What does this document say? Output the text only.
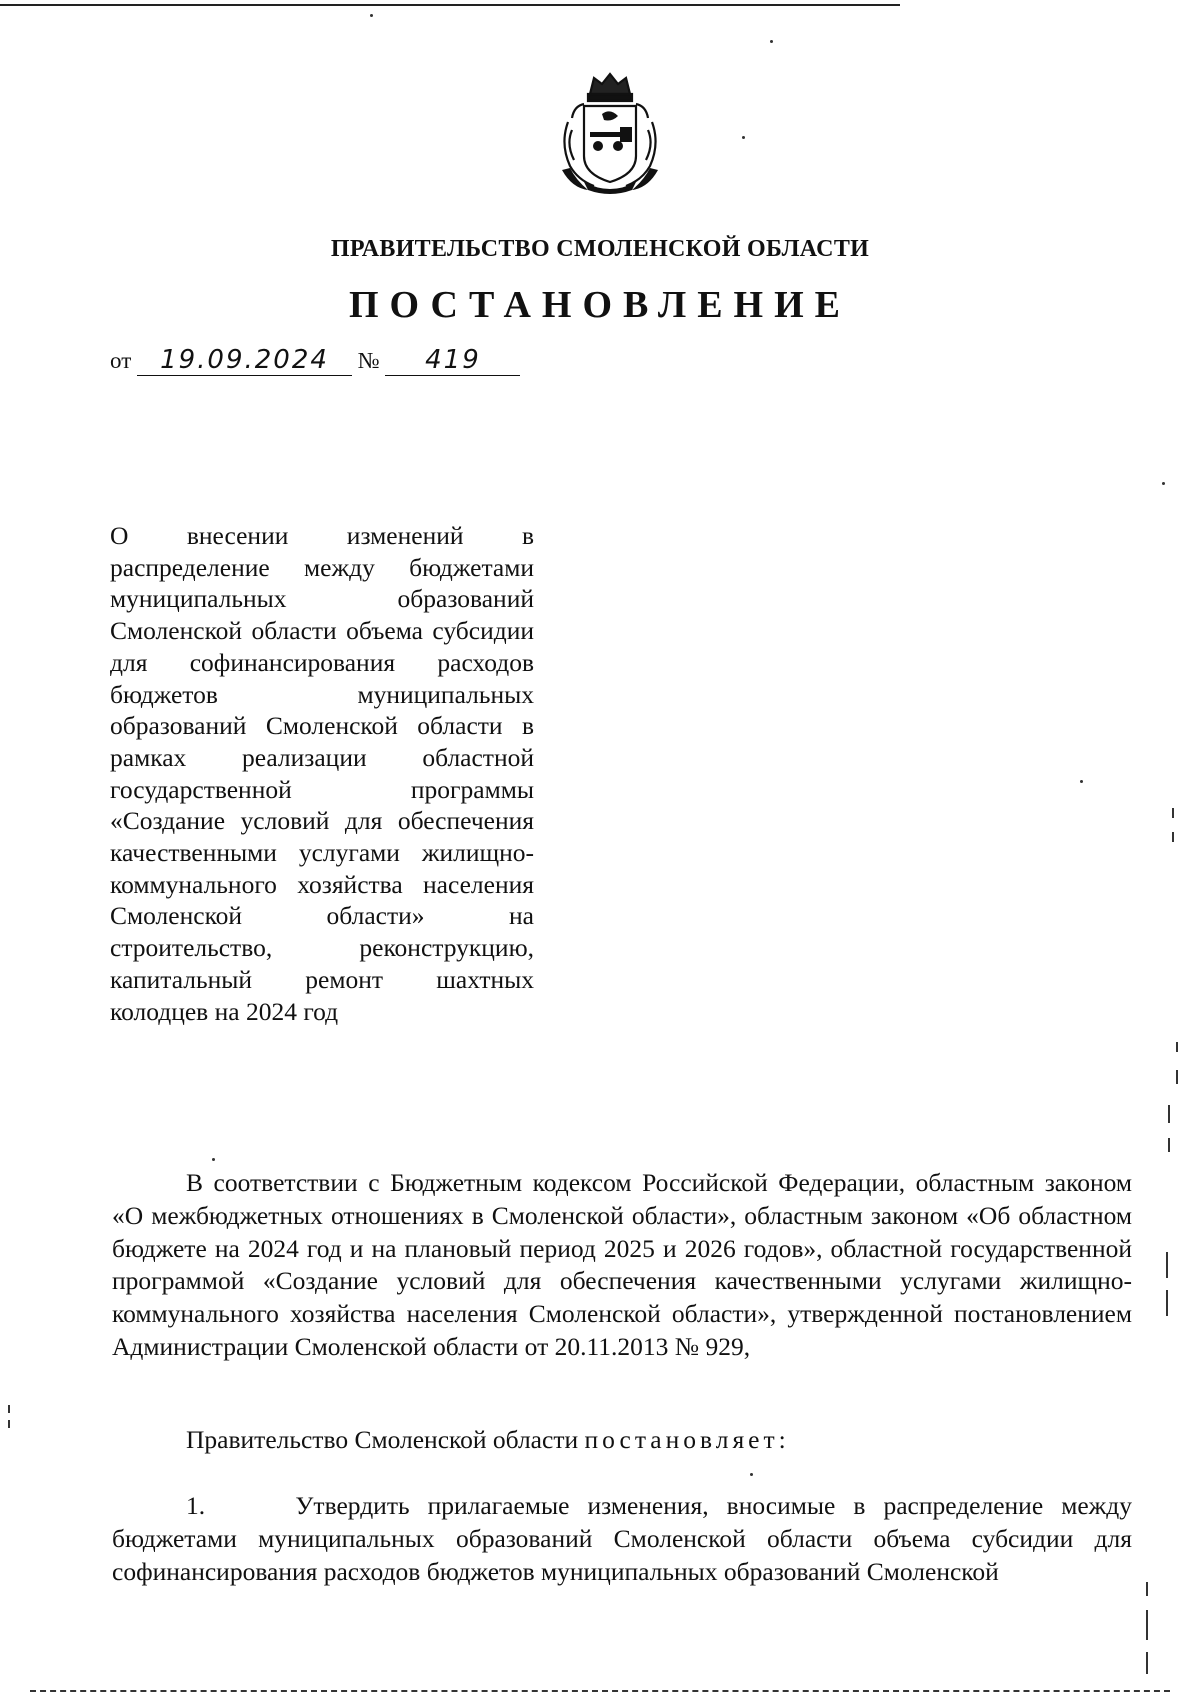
ПРАВИТЕЛЬСТВО СМОЛЕНСКОЙ ОБЛАСТИ
ПОСТАНОВЛЕНИЕ
от 19.09.2024 № 419
О внесении изменений в распределение между бюджетами муниципальных образований Смоленской области объема субсидии для софинансирования расходов бюджетов муниципальных образований Смоленской области в рамках реализации областной государственной программы «Создание условий для обеспечения качественными услугами жилищно-коммунального хозяйства населения Смоленской области» на строительство, реконструкцию, капитальный ремонт шахтных колодцев на 2024 год
В соответствии с Бюджетным кодексом Российской Федерации, областным законом «О межбюджетных отношениях в Смоленской области», областным законом «Об областном бюджете на 2024 год и на плановый период 2025 и 2026 годов», областной государственной программой «Создание условий для обеспечения качественными услугами жилищно-коммунального хозяйства населения Смоленской области», утвержденной постановлением Администрации Смоленской области от 20.11.2013 № 929,
Правительство Смоленской области постановляет:
1.	Утвердить прилагаемые изменения, вносимые в распределение между бюджетами муниципальных образований Смоленской области объема субсидии для софинансирования расходов бюджетов муниципальных образований Смоленской
